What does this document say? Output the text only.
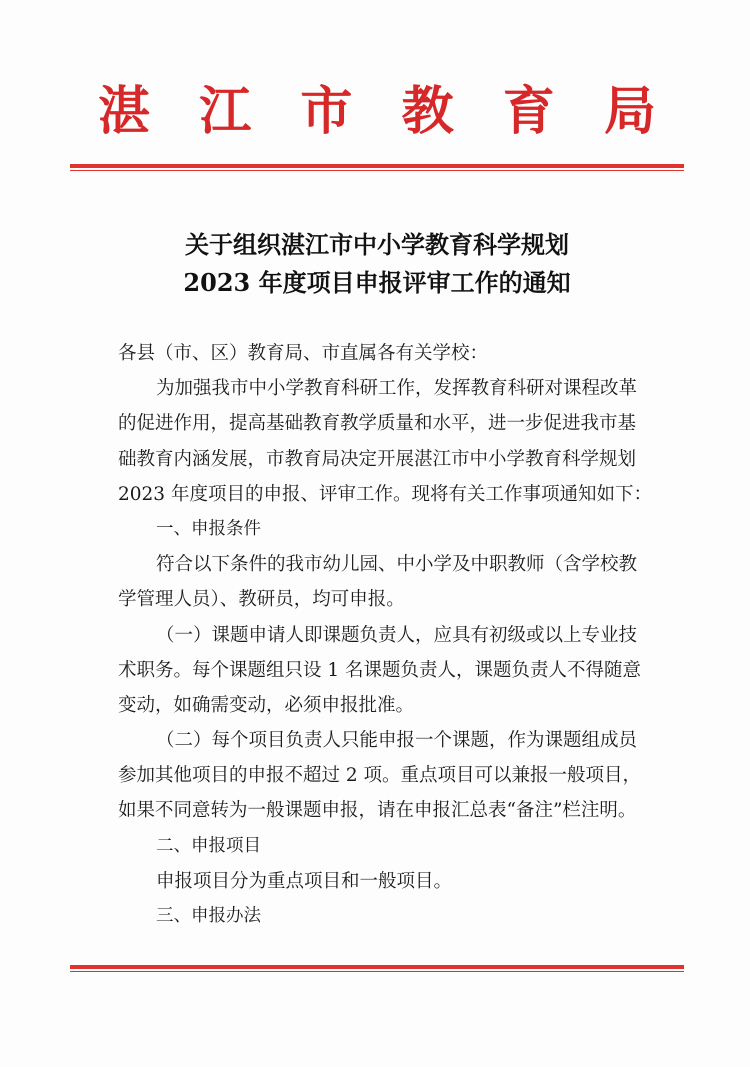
湛 江 市 教 育 局
关于组织湛江市中小学教育科学规划
2023 年度项目申报评审工作的通知
各县（市、区）教育局、市直属各有关学校：
为加强我市中小学教育科研工作，发挥教育科研对课程改革
的促进作用，提高基础教育教学质量和水平，进一步促进我市基
础教育内涵发展，市教育局决定开展湛江市中小学教育科学规划
2023 年度项目的申报、评审工作。现将有关工作事项通知如下：
一、申报条件
符合以下条件的我市幼儿园、中小学及中职教师（含学校教
学管理人员）、教研员，均可申报。
（一）课题申请人即课题负责人，应具有初级或以上专业技
术职务。每个课题组只设 1 名课题负责人，课题负责人不得随意
变动，如确需变动，必须申报批准。
（二）每个项目负责人只能申报一个课题，作为课题组成员
参加其他项目的申报不超过 2 项。重点项目可以兼报一般项目，
如果不同意转为一般课题申报，请在申报汇总表“备注”栏注明。
二、申报项目
申报项目分为重点项目和一般项目。
三、申报办法
